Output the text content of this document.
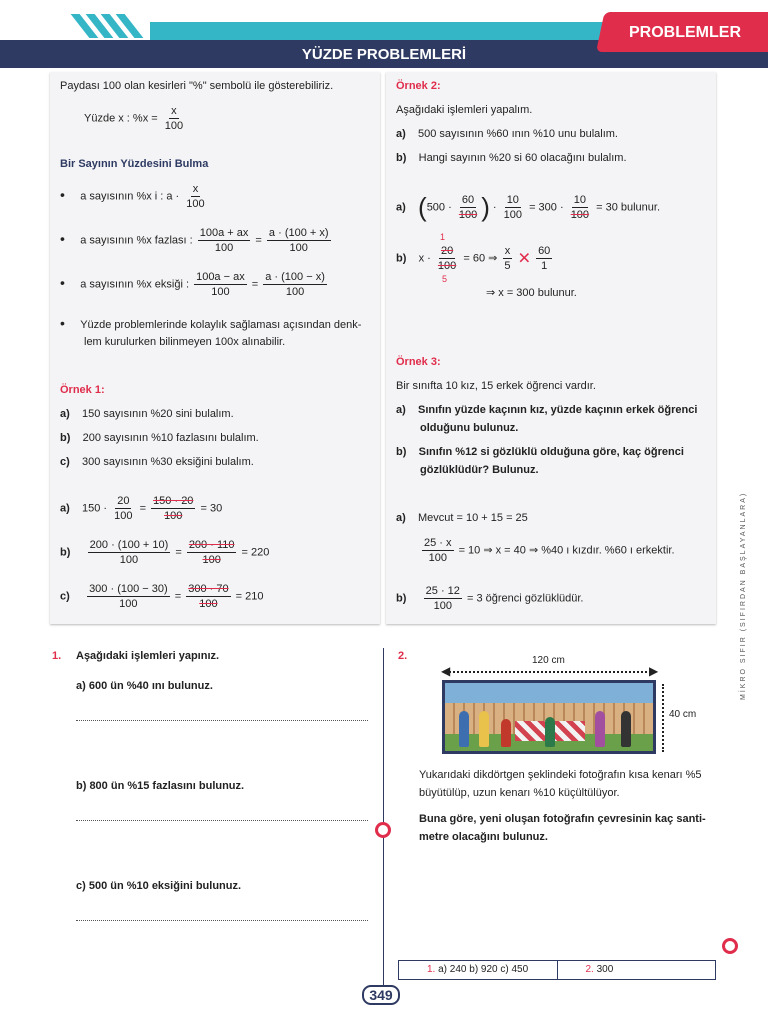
PROBLEMLER
YÜZDE PROBLEMLERİ
Paydası 100 olan kesirleri "%" sembolü ile gösterebiliriz.
Yüzde x : $\%x = \frac{x}{100}$
Bir Sayının Yüzdesini Bulma
• a sayısının %x i : $a \cdot \frac{x}{100}$
• a sayısının %x fazlası : $\frac{100a + ax}{100} = \frac{a \cdot (100 + x)}{100}$
• a sayısının %x eksiği : $\frac{100a - ax}{100} = \frac{a \cdot (100 - x)}{100}$
• Yüzde problemlerinde kolaylık sağlaması açısından denk-
lem kurulurken bilinmeyen 100x alınabilir.
Örnek 1:
a) 150 sayısının %20 sini bulalım.
b) 200 sayısının %10 fazlasını bulalım.
c) 300 sayısının %30 eksiğini bulalım.
a) $150 \cdot \frac{20}{100} = \frac{150 \cdot 20}{100} = 30$
$b) \frac{200 \cdot (100 + 10)}{100} = \frac{200 \cdot 110}{100} = 220$
$c) \frac{300 \cdot (100 - 30)}{100} = \frac{300 \cdot 70}{100} = 210$
Örnek 2:
Aşağıdaki işlemleri yapalım.
a) 500 sayısının %60 ının %10 unu bulalım.
b) Hangi sayının %20 si 60 olacağını bulalım.
a) ($500 \cdot \frac{60}{100}$ ) · $\frac{10}{100} = 300 \cdot \frac{10}{100} = 30$ bulunur.
1
b) $x \cdot \frac{20}{100} = 60$ ⇒ $\frac{x}{5}$ ✕ $\frac{60}{1}$
5
⇒ x = 300 bulunur.
Örnek 3:
Bir sınıfta 10 kız, 15 erkek öğrenci vardır.
a) Sınıfın yüzde kaçının kız, yüzde kaçının erkek öğrenci
olduğunu bulunuz.
b) Sınıfın %12 si gözlüklü olduğuna göre, kaç öğrenci
gözlüklüdür? Bulunuz.
a) Mevcut = 10 + 15 = 25
$\frac{25 \cdot x}{100} = 10$ ⇒ x = 40 ⇒ %40 ı kızdır. %60 ı erkektir.
$b) \frac{25 \cdot 12}{100} = 3$ öğrenci gözlüklüdür.
1. Aşağıdaki işlemleri yapınız.
a) 600 ün %40 ını bulunuz.
b) 800 ün %15 fazlasını bulunuz.
c) 500 ün %10 eksiğini bulunuz.
2.	120 cm
◀	▶
40 cm
Yukarıdaki dikdörtgen şeklindeki fotoğrafın kısa kenarı %5
büyütülüp, uzun kenarı %10 küçültülüyor.
Buna göre, yeni oluşan fotoğrafın çevresinin kaç santi-
metre olacağını bulunuz.
MİKRO SIFIR (SIFIRDAN BAŞLAYANLARA)
1. a) 240 b) 920 c) 450	2. 300
349
